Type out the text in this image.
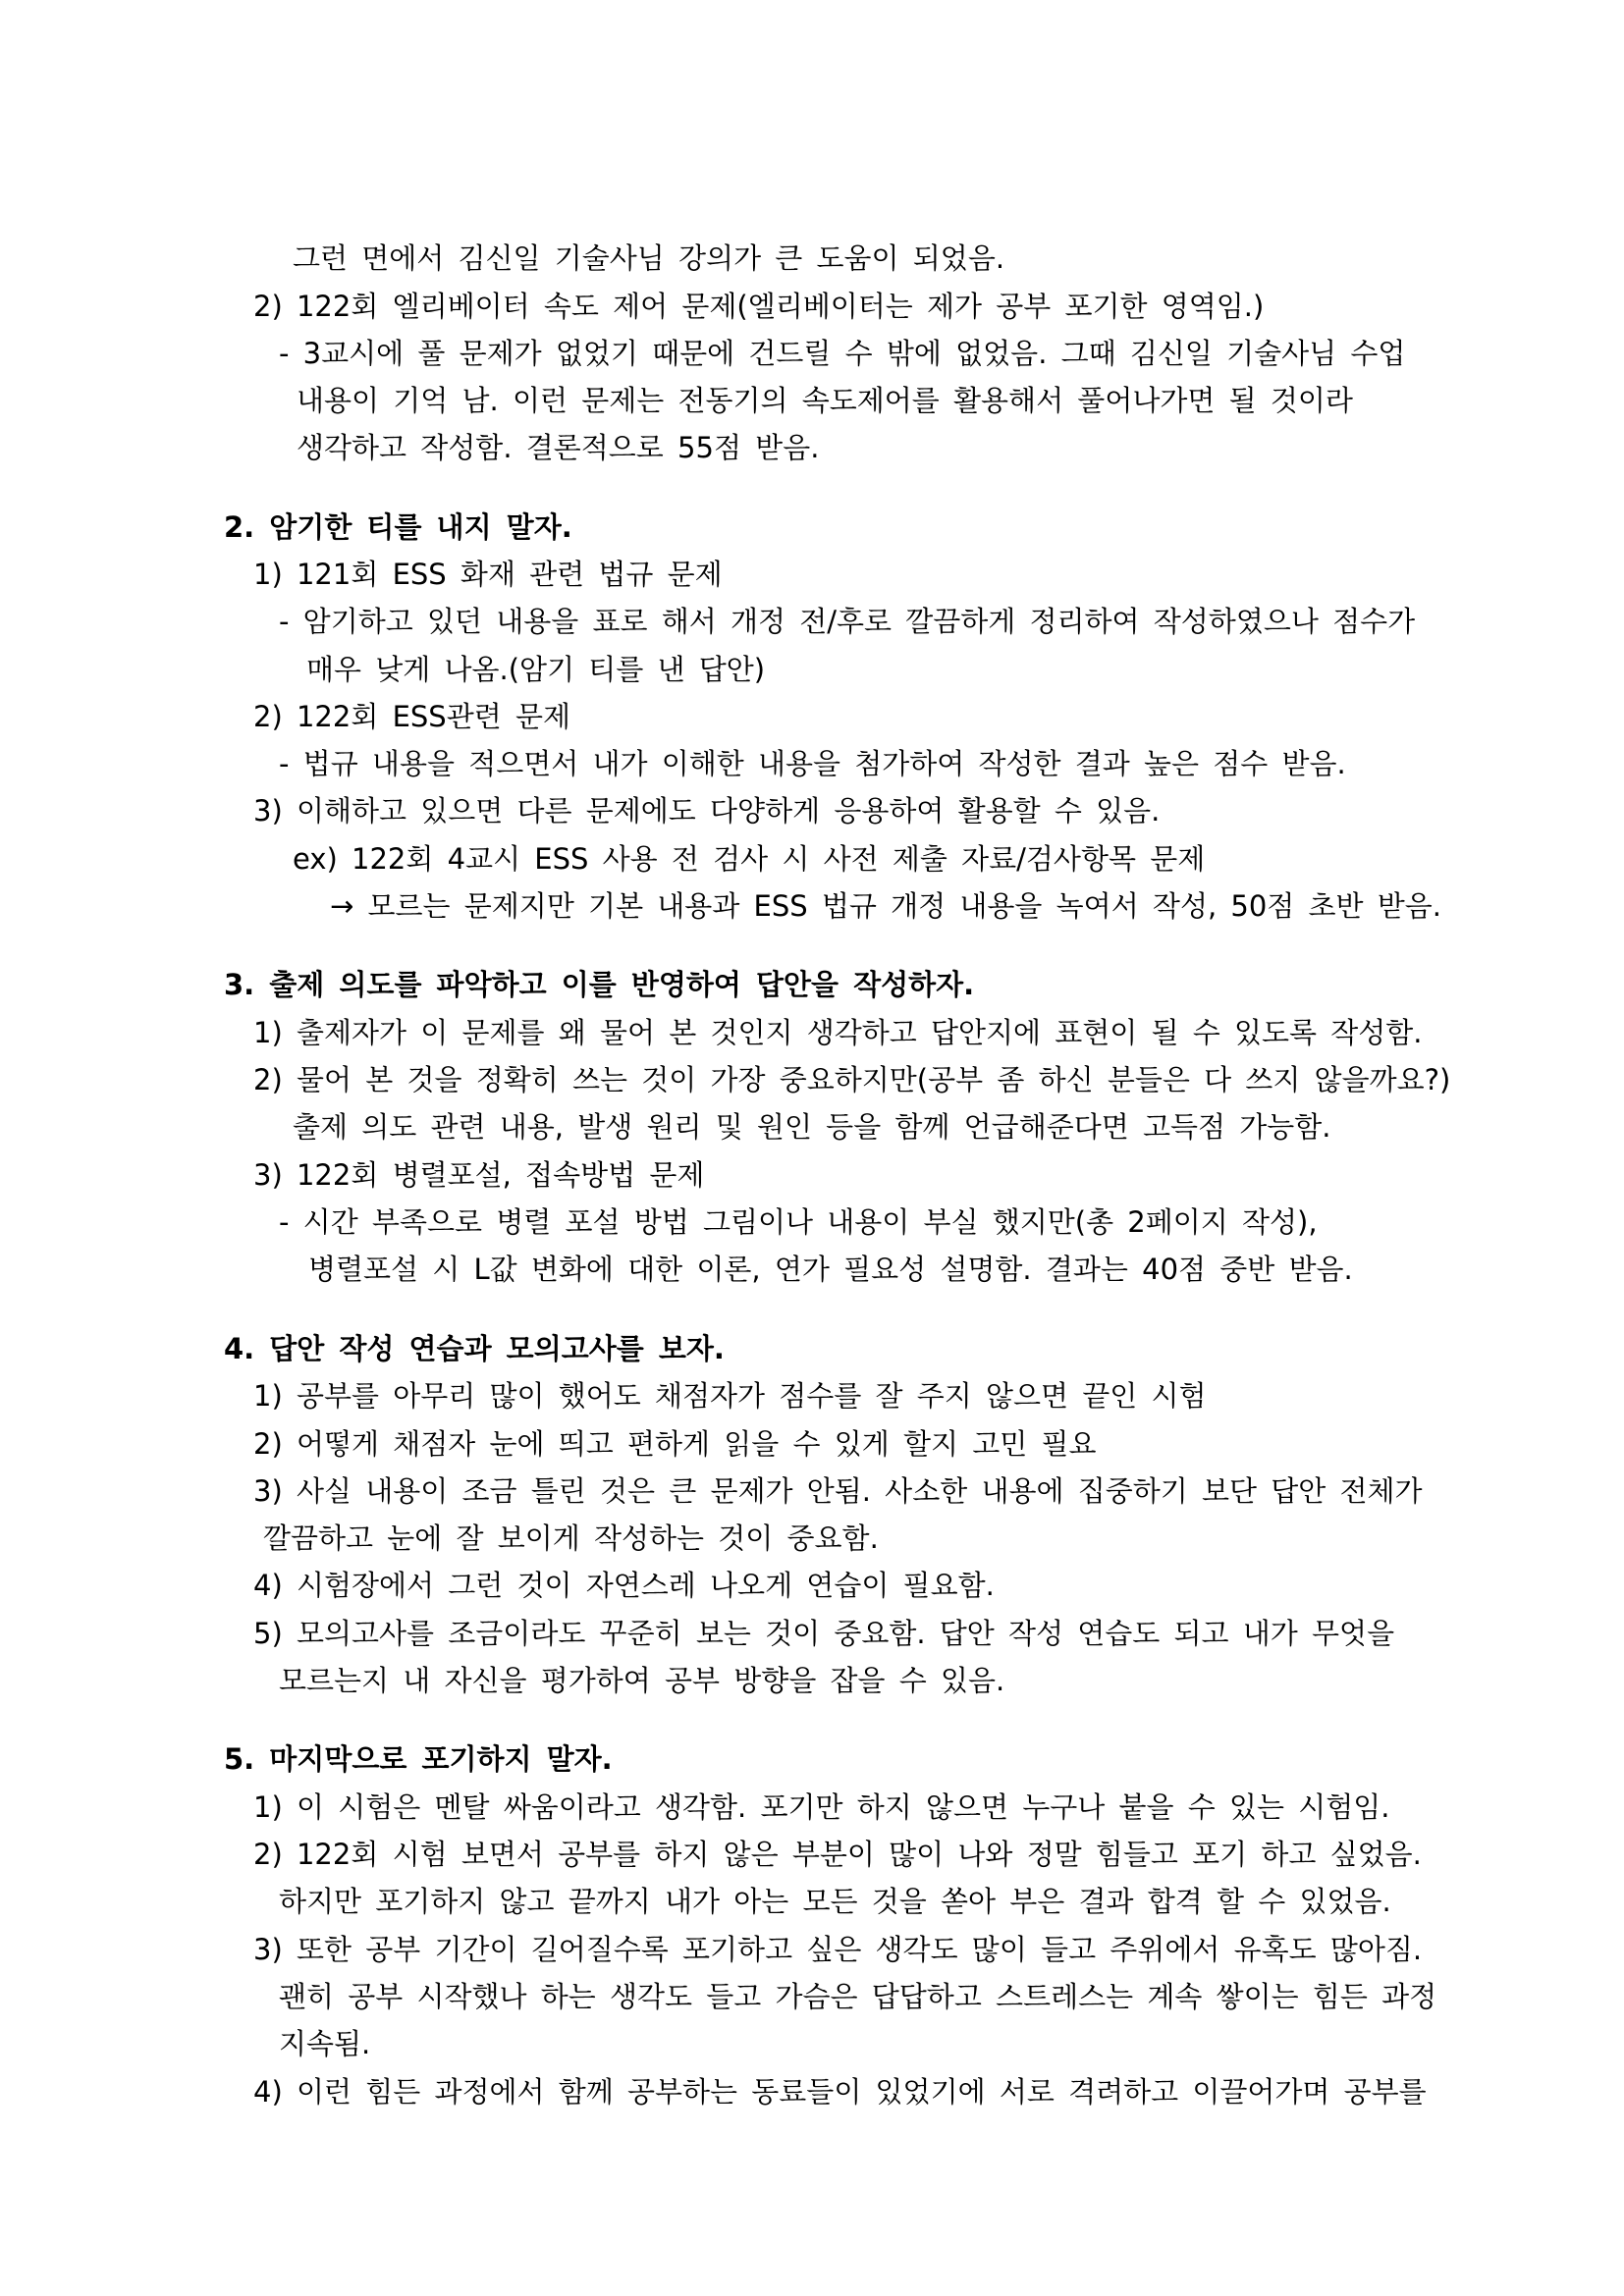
그런 면에서 김신일 기술사님 강의가 큰 도움이 되었음.
2) 122회 엘리베이터 속도 제어 문제(엘리베이터는 제가 공부 포기한 영역임.)
- 3교시에 풀 문제가 없었기 때문에 건드릴 수 밖에 없었음. 그때 김신일 기술사님 수업
내용이 기억 남. 이런 문제는 전동기의 속도제어를 활용해서 풀어나가면 될 것이라
생각하고 작성함. 결론적으로 55점 받음.
2. 암기한 티를 내지 말자.
1) 121회 ESS 화재 관련 법규 문제
- 암기하고 있던 내용을 표로 해서 개정 전/후로 깔끔하게 정리하여 작성하였으나 점수가
매우 낮게 나옴.(암기 티를 낸 답안)
2) 122회 ESS관련 문제
- 법규 내용을 적으면서 내가 이해한 내용을 첨가하여 작성한 결과 높은 점수 받음.
3) 이해하고 있으면 다른 문제에도 다양하게 응용하여 활용할 수 있음.
ex) 122회 4교시 ESS 사용 전 검사 시 사전 제출 자료/검사항목 문제
→ 모르는 문제지만 기본 내용과 ESS 법규 개정 내용을 녹여서 작성, 50점 초반 받음.
3. 출제 의도를 파악하고 이를 반영하여 답안을 작성하자.
1) 출제자가 이 문제를 왜 물어 본 것인지 생각하고 답안지에 표현이 될 수 있도록 작성함.
2) 물어 본 것을 정확히 쓰는 것이 가장 중요하지만(공부 좀 하신 분들은 다 쓰지 않을까요?)
출제 의도 관련 내용, 발생 원리 및 원인 등을 함께 언급해준다면 고득점 가능함.
3) 122회 병렬포설, 접속방법 문제
- 시간 부족으로 병렬 포설 방법 그림이나 내용이 부실 했지만(총 2페이지 작성),
병렬포설 시 L값 변화에 대한 이론, 연가 필요성 설명함. 결과는 40점 중반 받음.
4. 답안 작성 연습과 모의고사를 보자.
1) 공부를 아무리 많이 했어도 채점자가 점수를 잘 주지 않으면 끝인 시험
2) 어떻게 채점자 눈에 띄고 편하게 읽을 수 있게 할지 고민 필요
3) 사실 내용이 조금 틀린 것은 큰 문제가 안됨. 사소한 내용에 집중하기 보단 답안 전체가
깔끔하고 눈에 잘 보이게 작성하는 것이 중요함.
4) 시험장에서 그런 것이 자연스레 나오게 연습이 필요함.
5) 모의고사를 조금이라도 꾸준히 보는 것이 중요함. 답안 작성 연습도 되고 내가 무엇을
모르는지 내 자신을 평가하여 공부 방향을 잡을 수 있음.
5. 마지막으로 포기하지 말자.
1) 이 시험은 멘탈 싸움이라고 생각함. 포기만 하지 않으면 누구나 붙을 수 있는 시험임.
2) 122회 시험 보면서 공부를 하지 않은 부분이 많이 나와 정말 힘들고 포기 하고 싶었음.
하지만 포기하지 않고 끝까지 내가 아는 모든 것을 쏟아 부은 결과 합격 할 수 있었음.
3) 또한 공부 기간이 길어질수록 포기하고 싶은 생각도 많이 들고 주위에서 유혹도 많아짐.
괜히 공부 시작했나 하는 생각도 들고 가슴은 답답하고 스트레스는 계속 쌓이는 힘든 과정
지속됨.
4) 이런 힘든 과정에서 함께 공부하는 동료들이 있었기에 서로 격려하고 이끌어가며 공부를
